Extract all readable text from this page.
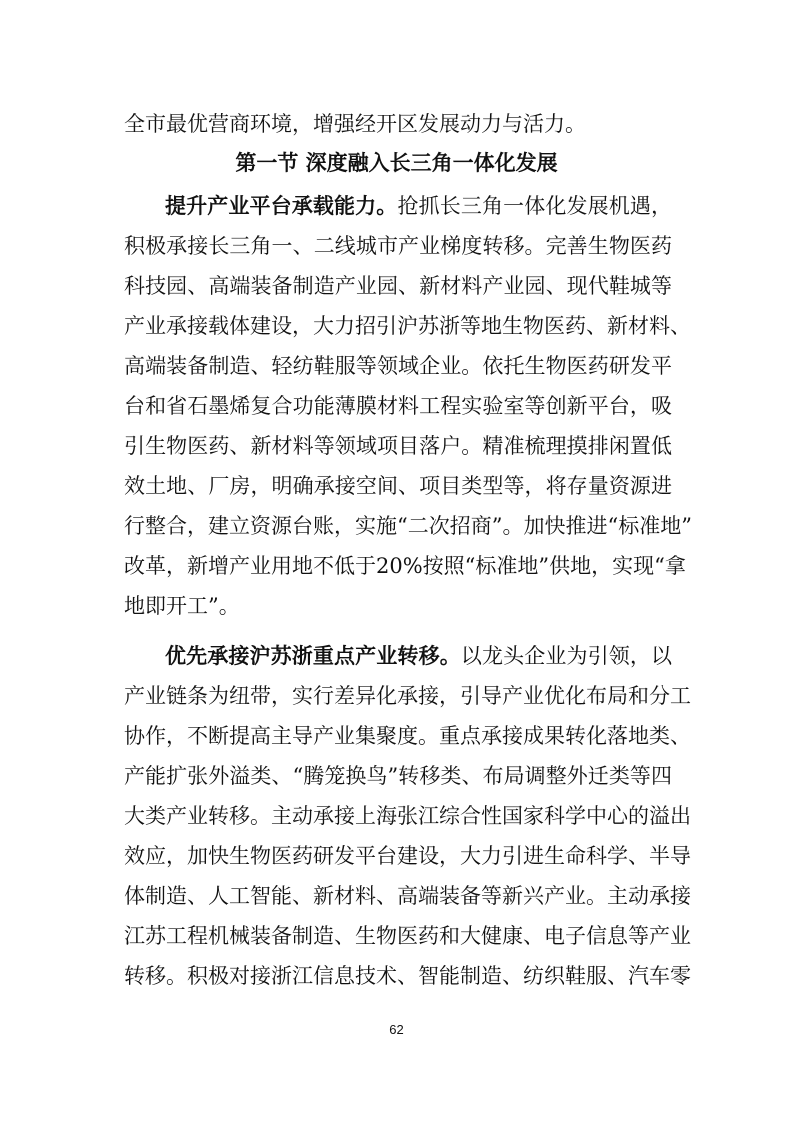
全市最优营商环境，增强经开区发展动力与活力。
第一节 深度融入长三角一体化发展
提升产业平台承载能力。抢抓长三角一体化发展机遇，
积极承接长三角一、二线城市产业梯度转移。完善生物医药
科技园、高端装备制造产业园、新材料产业园、现代鞋城等
产业承接载体建设，大力招引沪苏浙等地生物医药、新材料、
高端装备制造、轻纺鞋服等领域企业。依托生物医药研发平
台和省石墨烯复合功能薄膜材料工程实验室等创新平台，吸
引生物医药、新材料等领域项目落户。精准梳理摸排闲置低
效土地、厂房，明确承接空间、项目类型等，将存量资源进
行整合，建立资源台账，实施“二次招商”。加快推进“标准地”
改革，新增产业用地不低于20%按照“标准地”供地，实现“拿
地即开工”。
优先承接沪苏浙重点产业转移。以龙头企业为引领，以
产业链条为纽带，实行差异化承接，引导产业优化布局和分工
协作，不断提高主导产业集聚度。重点承接成果转化落地类、
产能扩张外溢类、“腾笼换鸟”转移类、布局调整外迁类等四
大类产业转移。主动承接上海张江综合性国家科学中心的溢出
效应，加快生物医药研发平台建设，大力引进生命科学、半导
体制造、人工智能、新材料、高端装备等新兴产业。主动承接
江苏工程机械装备制造、生物医药和大健康、电子信息等产业
转移。积极对接浙江信息技术、智能制造、纺织鞋服、汽车零
62
